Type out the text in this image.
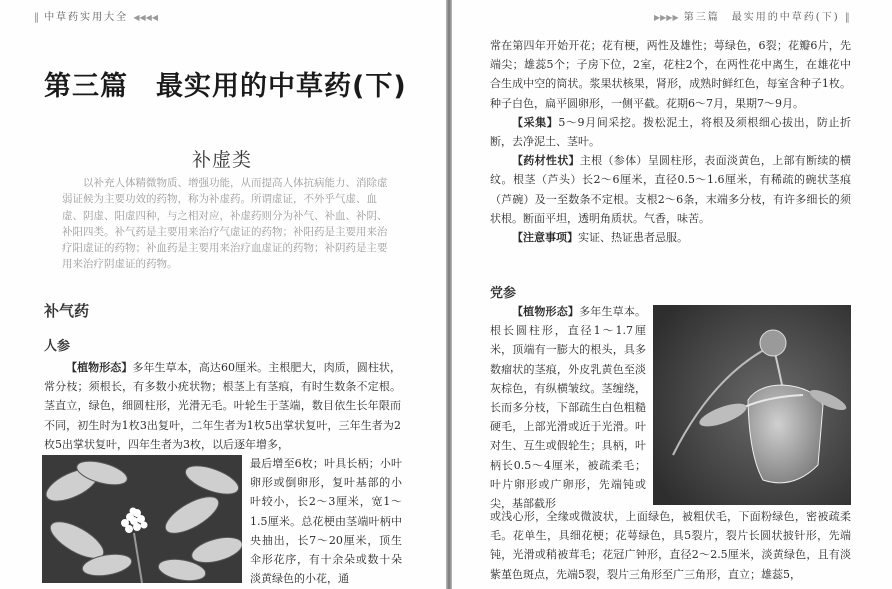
‖ 中草药实用大全 ◀◀◀◀
第三篇　最实用的中草药(下)
补虚类

以补充人体精微物质、增强功能，从而提高人体抗病能力、消除虚弱证候为主要功效的药物，称为补虚药。所谓虚证，不外乎气虚、血虚、阴虚、阳虚四种，与之相对应，补虚药则分为补气、补血、补阴、补阳四类。补气药是主要用来治疗气虚证的药物；补阳药是主要用来治疗阳虚证的药物；补血药是主要用来治疗血虚证的药物；补阴药是主要用来治疗阴虚证的药物。

补气药
人参

【植物形态】多年生草本，高达60厘米。主根肥大，肉质，圆柱状，常分枝；须根长，有多数小疣状物；根茎上有茎痕，有时生数条不定根。茎直立，绿色，细圆柱形，光滑无毛。叶轮生于茎端，数目依生长年限而不同，初生时为1枚3出复叶，二年生者为1枚5出掌状复叶，三年生者为2枚5出掌状复叶，四年生者为3枚，以后逐年增多，

最后增至6枚；叶具长柄；小叶卵形或倒卵形，复叶基部的小叶较小，长2～3厘米，宽1～1.5厘米。总花梗由茎端叶柄中央抽出，长7～20厘米，顶生伞形花序，有十余朵或数十朵淡黄绿色的小花，通

▶▶▶▶ 第三篇　最实用的中草药(下) ‖

常在第四年开始开花；花有梗，两性及雄性；萼绿色，6裂；花瓣6片，先端尖；雄蕊5个；子房下位，2室，花柱2个，在两性花中离生，在雄花中合生成中空的筒状。浆果状核果，肾形，成熟时鲜红色，每室含种子1枚。种子白色，扁平圆卵形，一侧平截。花期6～7月，果期7～9月。

【采集】5～9月间采挖。拨松泥土，将根及须根细心拔出，防止折断，去净泥土、茎叶。

【药材性状】主根（参体）呈圆柱形，表面淡黄色，上部有断续的横纹。根茎（芦头）长2～6厘米，直径0.5～1.6厘米，有稀疏的碗状茎痕（芦碗）及一至数条不定根。支根2～6条，末端多分枝，有许多细长的须状根。断面平坦，透明角质状。气香，味苦。

【注意事项】实证、热证患者忌服。

党参

【植物形态】多年生草本。根长圆柱形，直径1～1.7厘米，顶端有一膨大的根头，具多数瘤状的茎痕，外皮乳黄色至淡灰棕色，有纵横皱纹。茎缠绕，长而多分枝，下部疏生白色粗糙硬毛，上部光滑或近于光滑。叶对生、互生或假轮生；具柄，叶柄长0.5～4厘米，被疏柔毛；叶片卵形或广卵形，先端钝或尖，基部截形

或浅心形，全缘或微波状，上面绿色，被粗伏毛，下面粉绿色，密被疏柔毛。花单生，具细花梗；花萼绿色，具5裂片，裂片长圆状披针形，先端钝，光滑或稍被茸毛；花冠广钟形，直径2～2.5厘米，淡黄绿色，且有淡紫堇色斑点，先端5裂，裂片三角形至广三角形，直立；雄蕊5，
